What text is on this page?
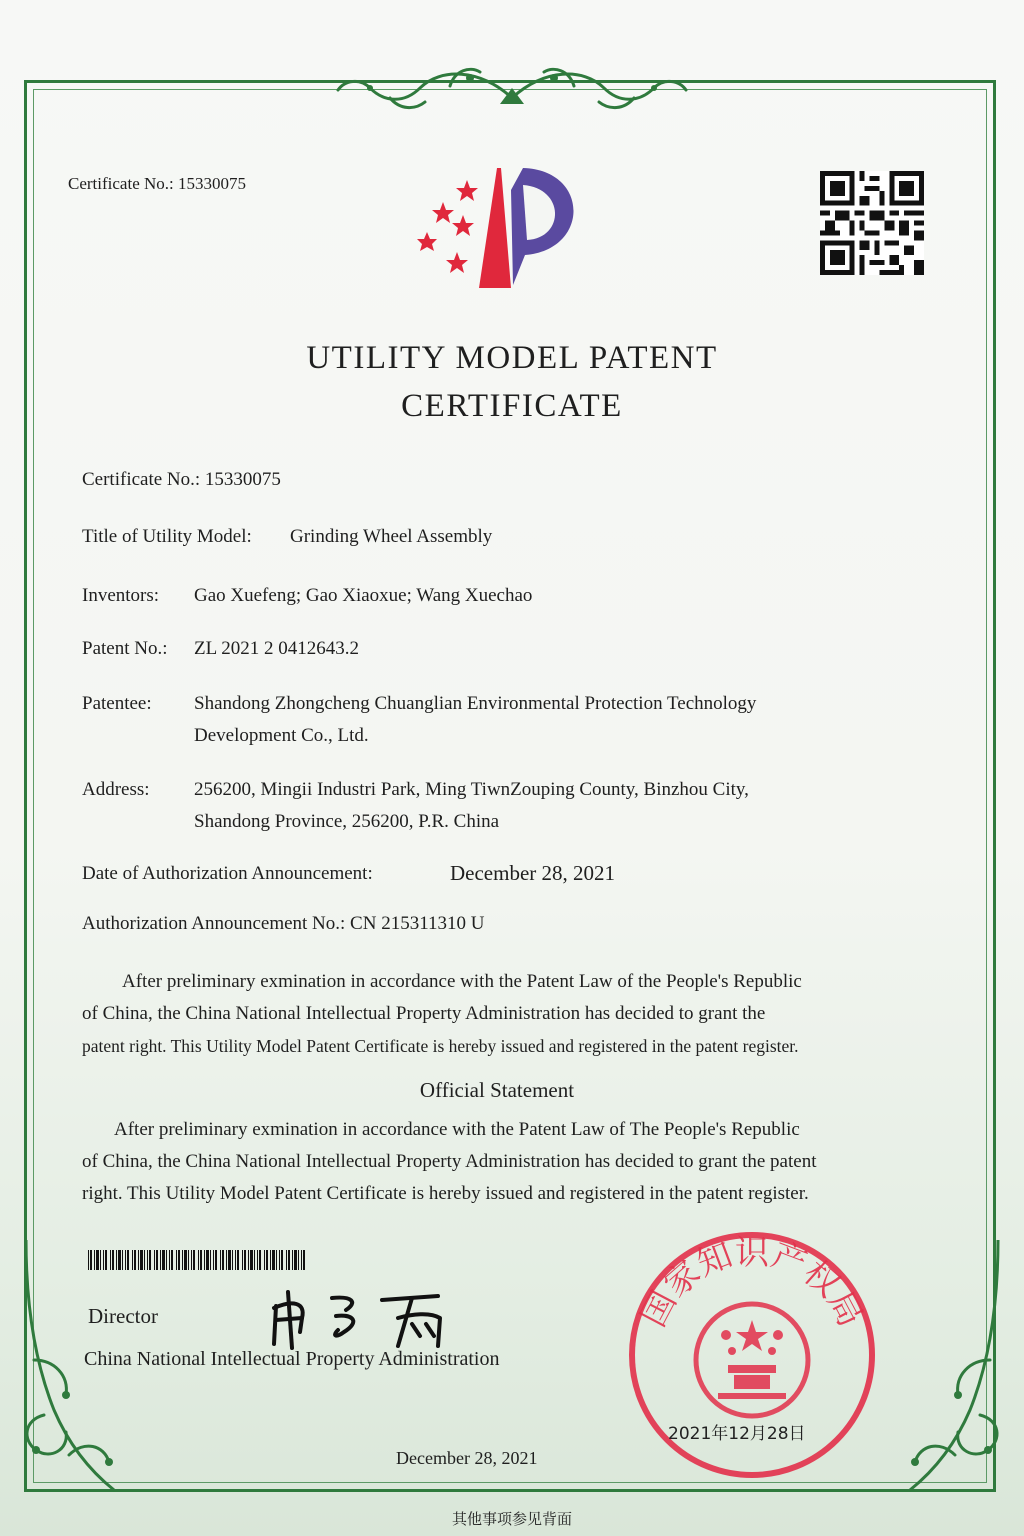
Certificate No.: 15330075
UTILITY MODEL PATENT
CERTIFICATE
Certificate No.: 15330075
Title of Utility Model: Grinding Wheel Assembly
Inventors: Gao Xuefeng; Gao Xiaoxue; Wang Xuechao
Patent No.: ZL 2021 2 0412643.2
Patentee: Shandong Zhongcheng Chuanglian Environmental Protection Technology
Development Co., Ltd.
Address: 256200, Mingii Industri Park, Ming TiwnZouping County, Binzhou City,
Shandong Province, 256200, P.R. China
Date of Authorization Announcement:	December 28, 2021
Authorization Announcement No.: CN 215311310 U
After preliminary exmination in accordance with the Patent Law of the People's Republic
of China, the China National Intellectual Property Administration has decided to grant the
patent right. This Utility Model Patent Certificate is hereby issued and registered in the patent register.
Official Statement
After preliminary exmination in accordance with the Patent Law of The People's Republic
of China, the China National Intellectual Property Administration has decided to grant the patent
right. This Utility Model Patent Certificate is hereby issued and registered in the patent register.
Director
China National Intellectual Property Administration
国家知识产权局
2021年12月28日
December 28, 2021
其他事项参见背面
